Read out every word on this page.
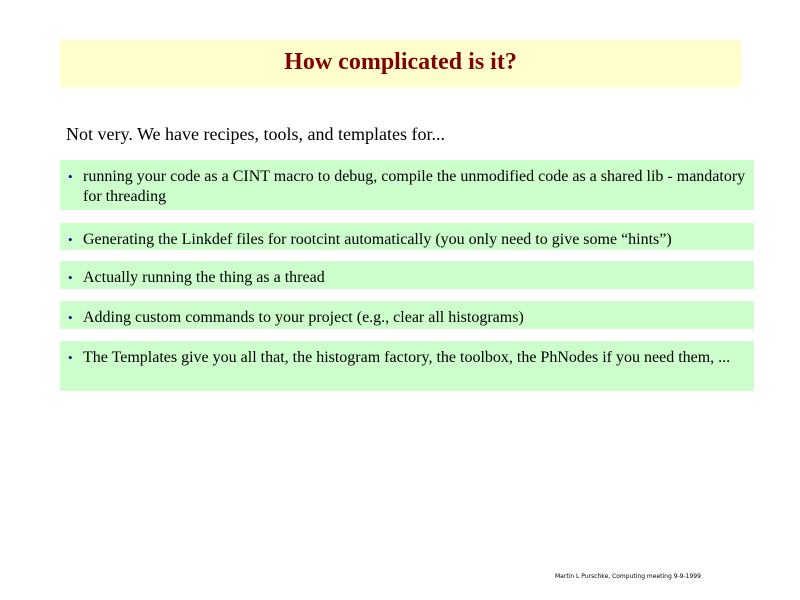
How complicated is it?
Not very. We have recipes, tools, and templates for...
• running your code as a CINT macro to debug, compile the unmodified code as a shared lib - mandatory for threading
• Generating the Linkdef files for rootcint automatically (you only need to give some “hints”)
• Actually running the thing as a thread
• Adding custom commands to your project (e.g., clear all histograms)
• The Templates give you all that, the histogram factory, the toolbox, the PhNodes if you need them, ...
Martin L Purschke, Computing meeting 9-9-1999
